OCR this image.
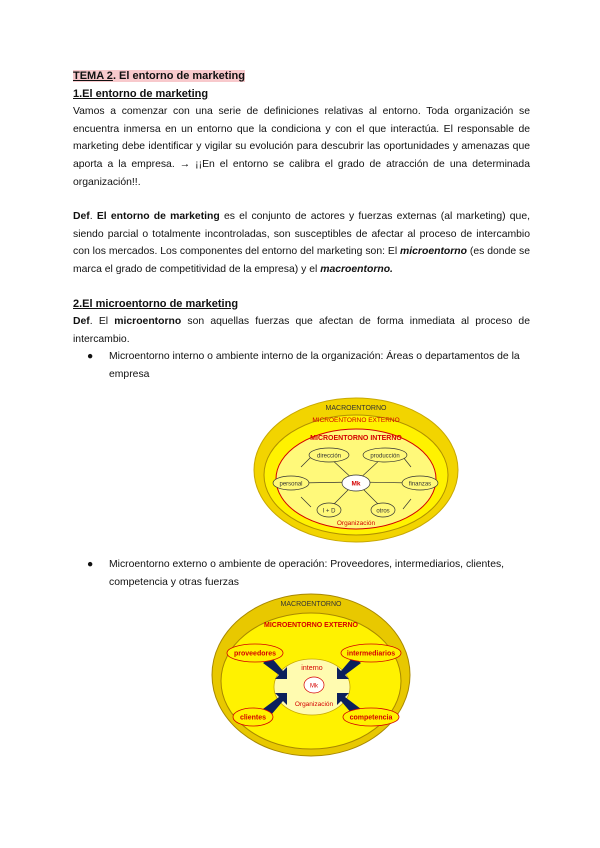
TEMA 2. El entorno de marketing
1.El entorno de marketing

Vamos a comenzar con una serie de definiciones relativas al entorno. Toda organización se encuentra inmersa en un entorno que la condiciona y con el que interactúa. El responsable de marketing debe identificar y vigilar su evolución para descubrir las oportunidades y amenazas que aporta a la empresa. → ¡¡En el entorno se calibra el grado de atracción de una determinada organización!!.

Def. El entorno de marketing es el conjunto de actores y fuerzas externas (al marketing) que, siendo parcial o totalmente incontroladas, son susceptibles de afectar al proceso de intercambio con los mercados. Los componentes del entorno del marketing son: El microentorno (es donde se marca el grado de competitividad de la empresa) y el macroentorno.

2.El microentorno de marketing

Def. El microentorno son aquellas fuerzas que afectan de forma inmediata al proceso de intercambio.

● Microentorno interno o ambiente interno de la organización: Áreas o departamentos de la empresa

MACROENTORNO
MICROENTORNO EXTERNO
MICROENTORNO INTERNO
dirección	producción
personal	finanzas
I + D	otros
Mk
Organización

● Microentorno externo o ambiente de operación: Proveedores, intermediarios, clientes, competencia y otras fuerzas

MACROENTORNO
MICROENTORNO EXTERNO
interno
Mk
Organización
proveedores	intermediarios
clientes	competencia
